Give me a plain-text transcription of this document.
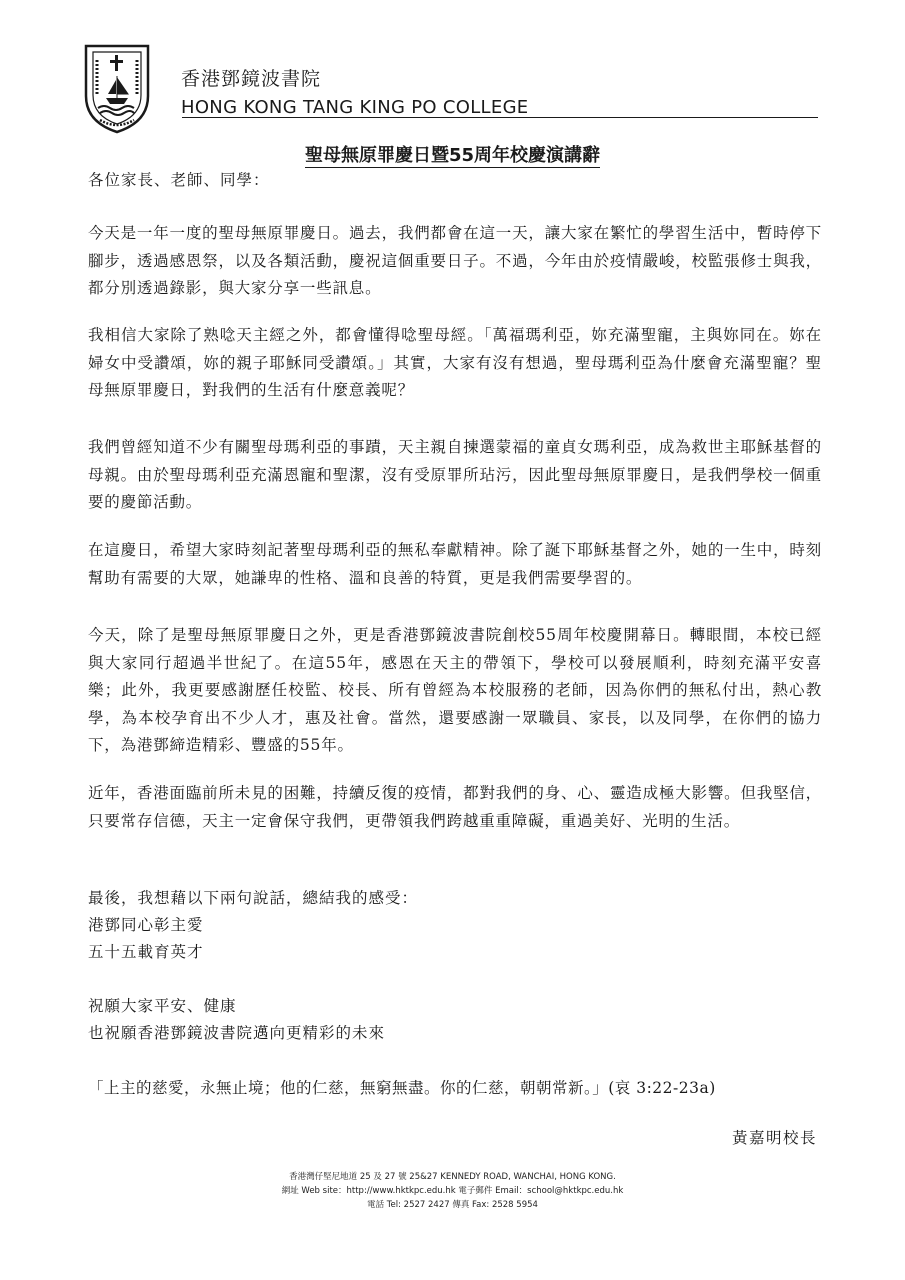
香港鄧鏡波書院
HONG KONG TANG KING PO COLLEGE
聖母無原罪慶日暨55周年校慶演講辭
各位家長、老師、同學：
今天是一年一度的聖母無原罪慶日。過去，我們都會在這一天，讓大家在繁忙的學習生活中，暫時停下腳步，透過感恩祭，以及各類活動，慶祝這個重要日子。不過，今年由於疫情嚴峻，校監張修士與我，都分別透過錄影，與大家分享一些訊息。
我相信大家除了熟唸天主經之外，都會懂得唸聖母經。「萬福瑪利亞，妳充滿聖寵，主與妳同在。妳在婦女中受讚頌，妳的親子耶穌同受讚頌。」其實，大家有沒有想過，聖母瑪利亞為什麼會充滿聖寵？聖母無原罪慶日，對我們的生活有什麼意義呢？
我們曾經知道不少有關聖母瑪利亞的事蹟，天主親自揀選蒙福的童貞女瑪利亞，成為救世主耶穌基督的母親。由於聖母瑪利亞充滿恩寵和聖潔，沒有受原罪所玷污，因此聖母無原罪慶日，是我們學校一個重要的慶節活動。
在這慶日，希望大家時刻記著聖母瑪利亞的無私奉獻精神。除了誕下耶穌基督之外，她的一生中，時刻幫助有需要的大眾，她謙卑的性格、溫和良善的特質，更是我們需要學習的。
今天，除了是聖母無原罪慶日之外，更是香港鄧鏡波書院創校55周年校慶開幕日。轉眼間，本校已經與大家同行超過半世紀了。在這55年，感恩在天主的帶領下，學校可以發展順利，時刻充滿平安喜樂；此外，我更要感謝歷任校監、校長、所有曾經為本校服務的老師，因為你們的無私付出，熱心教學，為本校孕育出不少人才，惠及社會。當然，還要感謝一眾職員、家長，以及同學，在你們的協力下，為港鄧締造精彩、豐盛的55年。
近年，香港面臨前所未見的困難，持續反復的疫情，都對我們的身、心、靈造成極大影響。但我堅信，只要常存信德，天主一定會保守我們，更帶領我們跨越重重障礙，重過美好、光明的生活。
最後，我想藉以下兩句說話，總結我的感受：
港鄧同心彰主愛
五十五載育英才
祝願大家平安、健康
也祝願香港鄧鏡波書院邁向更精彩的未來
「上主的慈愛，永無止境；他的仁慈，無窮無盡。你的仁慈，朝朝常新。」(哀 3:22-23a)
黃嘉明校長
香港灣仔堅尼地道 25 及 27 號 25&27 KENNEDY ROAD, WANCHAI, HONG KONG.
網址 Web site：http://www.hktkpc.edu.hk 電子郵件 Email：school@hktkpc.edu.hk
電話 Tel: 2527 2427 傳真 Fax: 2528 5954
